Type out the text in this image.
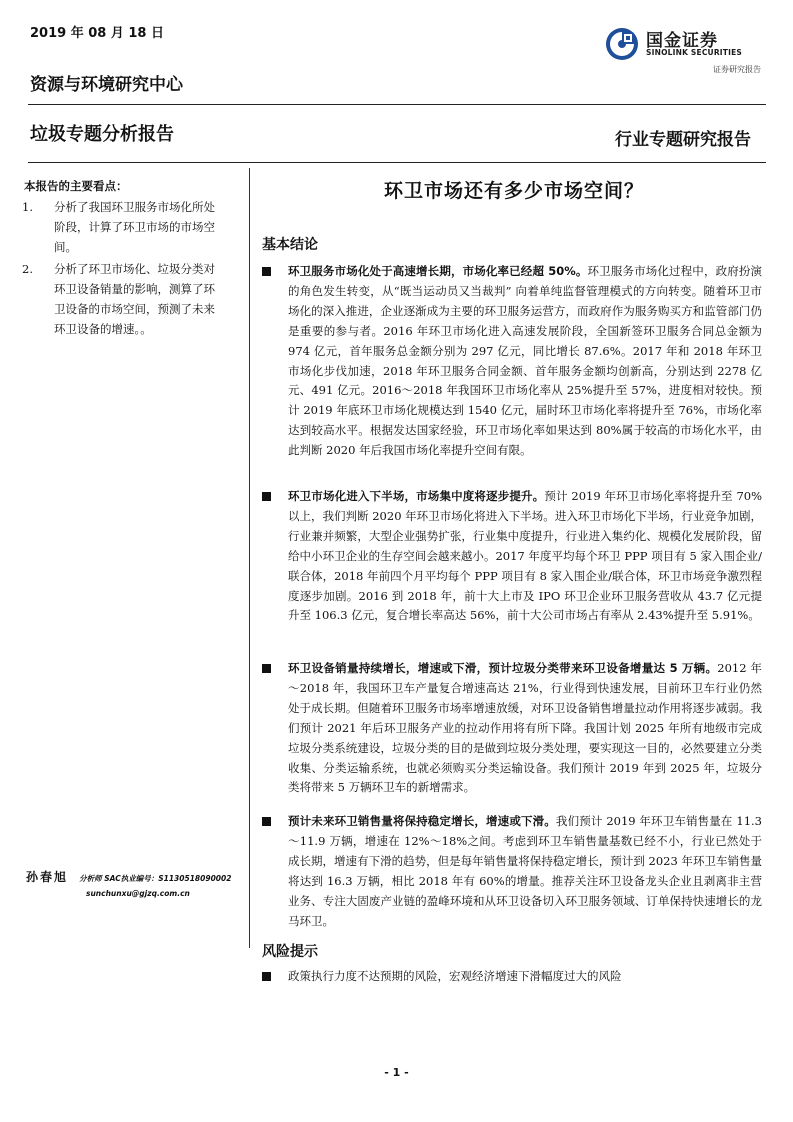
2019 年 08 月 18 日	国金证券
SINOLINK SECURITIES
证券研究报告
资源与环境研究中心
垃圾专题分析报告	行业专题研究报告
本报告的主要看点：
1. 分析了我国环卫服务市场化所处阶段，计算了环卫市场的市场空间。
2. 分析了环卫市场化、垃圾分类对环卫设备销量的影响，测算了环卫设备的市场空间，预测了未来环卫设备的增速。。
孙春旭 分析师 SAC执业编号：S1130518090002
sunchunxu@gjzq.com.cn
环卫市场还有多少市场空间？
基本结论
环卫服务市场化处于高速增长期，市场化率已经超 50%。环卫服务市场化过程中，政府扮演的角色发生转变，从“既当运动员又当裁判” 向着单纯监督管理模式的方向转变。随着环卫市场化的深入推进，企业逐渐成为主要的环卫服务运营方，而政府作为服务购买方和监管部门仍是重要的参与者。2016 年环卫市场化进入高速发展阶段，全国新签环卫服务合同总金额为 974 亿元，首年服务总金额分别为 297 亿元，同比增长 87.6%。2017 年和 2018 年环卫市场化步伐加速，2018 年环卫服务合同金额、首年服务金额均创新高，分别达到 2278 亿元、491 亿元。2016～2018 年我国环卫市场化率从 25%提升至 57%，进度相对较快。预计 2019 年底环卫市场化规模达到 1540 亿元，届时环卫市场化率将提升至 76%，市场化率达到较高水平。根据发达国家经验，环卫市场化率如果达到 80%属于较高的市场化水平，由此判断 2020 年后我国市场化率提升空间有限。
环卫市场化进入下半场，市场集中度将逐步提升。预计 2019 年环卫市场化率将提升至 70%以上，我们判断 2020 年环卫市场化将进入下半场。进入环卫市场化下半场，行业竞争加剧，行业兼并频繁，大型企业强势扩张，行业集中度提升，行业进入集约化、规模化发展阶段，留给中小环卫企业的生存空间会越来越小。2017 年度平均每个环卫 PPP 项目有 5 家入围企业/联合体，2018 年前四个月平均每个 PPP 项目有 8 家入围企业/联合体，环卫市场竞争激烈程度逐步加剧。2016 到 2018 年，前十大上市及 IPO 环卫企业环卫服务营收从 43.7 亿元提升至 106.3 亿元，复合增长率高达 56%，前十大公司市场占有率从 2.43%提升至 5.91%。
环卫设备销量持续增长，增速或下滑，预计垃圾分类带来环卫设备增量达 5 万辆。2012 年～2018 年，我国环卫车产量复合增速高达 21%，行业得到快速发展，目前环卫车行业仍然处于成长期。但随着环卫服务市场率增速放缓，对环卫设备销售增量拉动作用将逐步减弱。我们预计 2021 年后环卫服务产业的拉动作用将有所下降。我国计划 2025 年所有地级市完成垃圾分类系统建设，垃圾分类的目的是做到垃圾分类处理，要实现这一目的，必然要建立分类收集、分类运输系统，也就必须购买分类运输设备。我们预计 2019 年到 2025 年，垃圾分类将带来 5 万辆环卫车的新增需求。
预计未来环卫销售量将保持稳定增长，增速或下滑。我们预计 2019 年环卫车销售量在 11.3～11.9 万辆，增速在 12%～18%之间。考虑到环卫车销售量基数已经不小，行业已然处于成长期，增速有下滑的趋势，但是每年销售量将保持稳定增长，预计到 2023 年环卫车销售量将达到 16.3 万辆，相比 2018 年有 60%的增量。推荐关注环卫设备龙头企业且剥离非主营业务、专注大固废产业链的盈峰环境和从环卫设备切入环卫服务领域、订单保持快速增长的龙马环卫。
风险提示
政策执行力度不达预期的风险，宏观经济增速下滑幅度过大的风险
- 1 -
